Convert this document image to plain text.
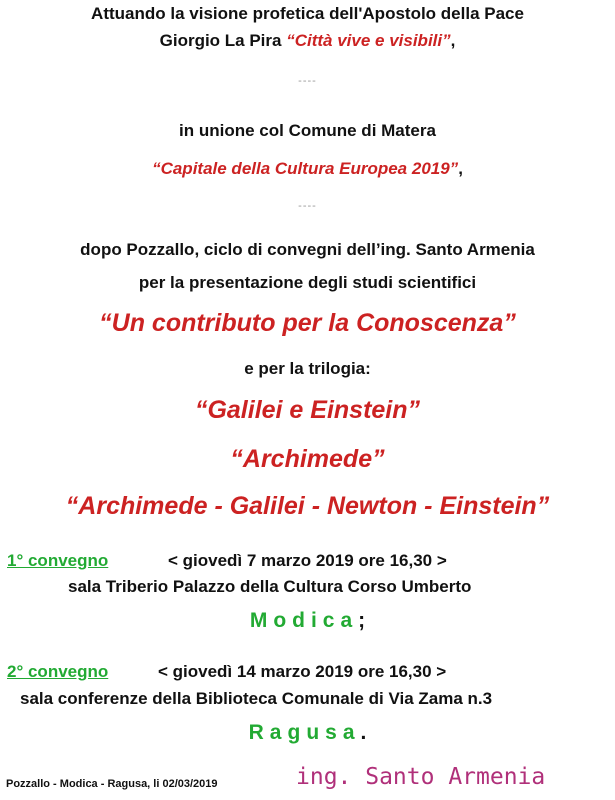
Attuando la visione profetica dell'Apostolo della Pace
Giorgio La Pira “Città vive e visibili”,
----
in unione col Comune di Matera
“Capitale della Cultura Europea 2019”,
----
dopo Pozzallo, ciclo di convegni dell’ing. Santo Armenia
per la presentazione degli studi scientifici
“Un contributo per la Conoscenza”
e per la trilogia:
“Galilei e Einstein”
“Archimede”
“Archimede - Galilei - Newton - Einstein”
1° convegno	< giovedì 7 marzo 2019 ore 16,30 >
sala Triberio Palazzo della Cultura Corso Umberto
Modica;
2° convegno	< giovedì 14 marzo 2019 ore 16,30 >
sala conferenze della Biblioteca Comunale di Via Zama n.3
Ragusa.
Pozzallo - Modica - Ragusa, li 02/03/2019	ing. Santo Armenia
